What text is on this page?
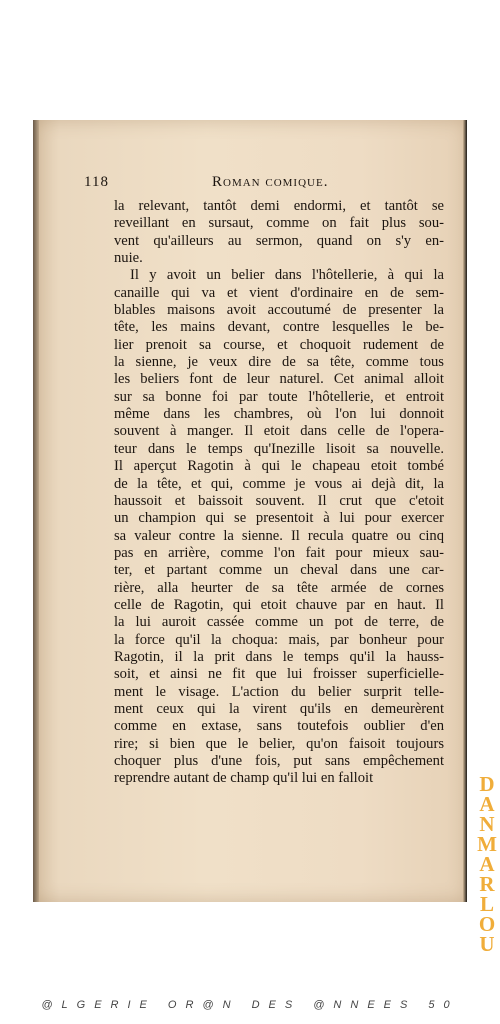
118	Roman comique.
la relevant, tantôt demi endormi, et tantôt se
reveillant en sursaut, comme on fait plus sou-
vent qu'ailleurs au sermon, quand on s'y en-
nuie.
Il y avoit un belier dans l'hôtellerie, à qui la
canaille qui va et vient d'ordinaire en de sem-
blables maisons avoit accoutumé de presenter la
tête, les mains devant, contre lesquelles le be-
lier prenoit sa course, et choquoit rudement de
la sienne, je veux dire de sa tête, comme tous
les beliers font de leur naturel. Cet animal alloit
sur sa bonne foi par toute l'hôtellerie, et entroit
même dans les chambres, où l'on lui donnoit
souvent à manger. Il etoit dans celle de l'opera-
teur dans le temps qu'Inezille lisoit sa nouvelle.
Il aperçut Ragotin à qui le chapeau etoit tombé
de la tête, et qui, comme je vous ai dejà dit, la
haussoit et baissoit souvent. Il crut que c'etoit
un champion qui se presentoit à lui pour exercer
sa valeur contre la sienne. Il recula quatre ou cinq
pas en arrière, comme l'on fait pour mieux sau-
ter, et partant comme un cheval dans une car-
rière, alla heurter de sa tête armée de cornes
celle de Ragotin, qui etoit chauve par en haut. Il
la lui auroit cassée comme un pot de terre, de
la force qu'il la choqua: mais, par bonheur pour
Ragotin, il la prit dans le temps qu'il la hauss-
soit, et ainsi ne fit que lui froisser superficielle-
ment le visage. L'action du belier surprit telle-
ment ceux qui la virent qu'ils en demeurèrent
comme en extase, sans toutefois oublier d'en
rire; si bien que le belier, qu'on faisoit toujours
choquer plus d'une fois, put sans empêchement
reprendre autant de champ qu'il lui en falloit	D
A
N
M
A
R
L
O
U
@LGERIE OR@N DES @NNEES 50
